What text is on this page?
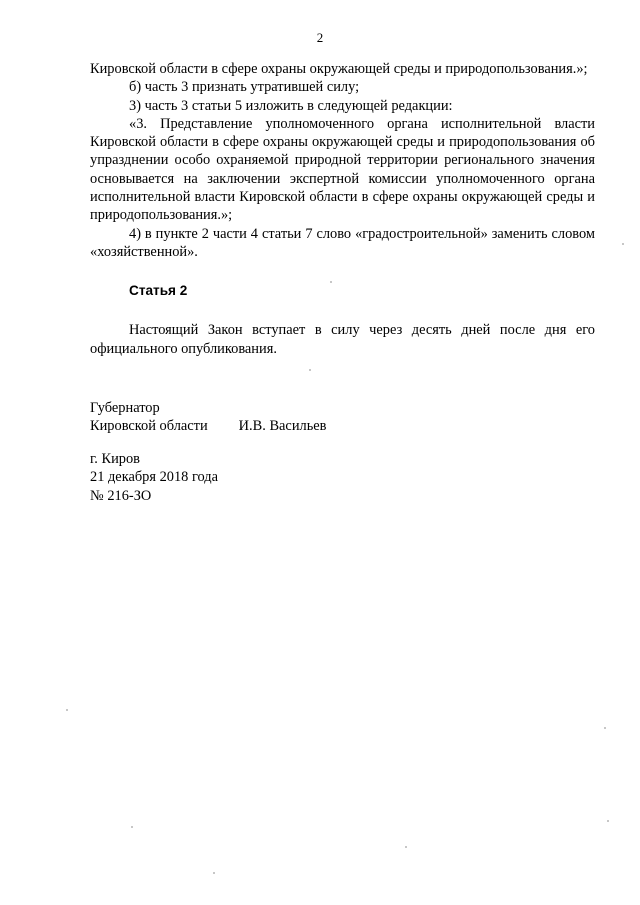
2

Кировской области в сфере охраны окружающей среды и природопользования.»;

б) часть 3 признать утратившей силу;

3) часть 3 статьи 5 изложить в следующей редакции:

«3. Представление уполномоченного органа исполнительной власти Кировской области в сфере охраны окружающей среды и природопользования об упразднении особо охраняемой природной территории регионального значения основывается на заключении экспертной комиссии уполномоченного органа исполнительной власти Кировской области в сфере охраны окружающей среды и природопользования.»;

4) в пункте 2 части 4 статьи 7 слово «градостроительной» заменить словом «хозяйственной».

Статья 2

Настоящий Закон вступает в силу через десять дней после дня его официального опубликования.

Губернатор
Кировской области И.В. Васильев
г. Киров
21 декабря 2018 года
№ 216-ЗО
